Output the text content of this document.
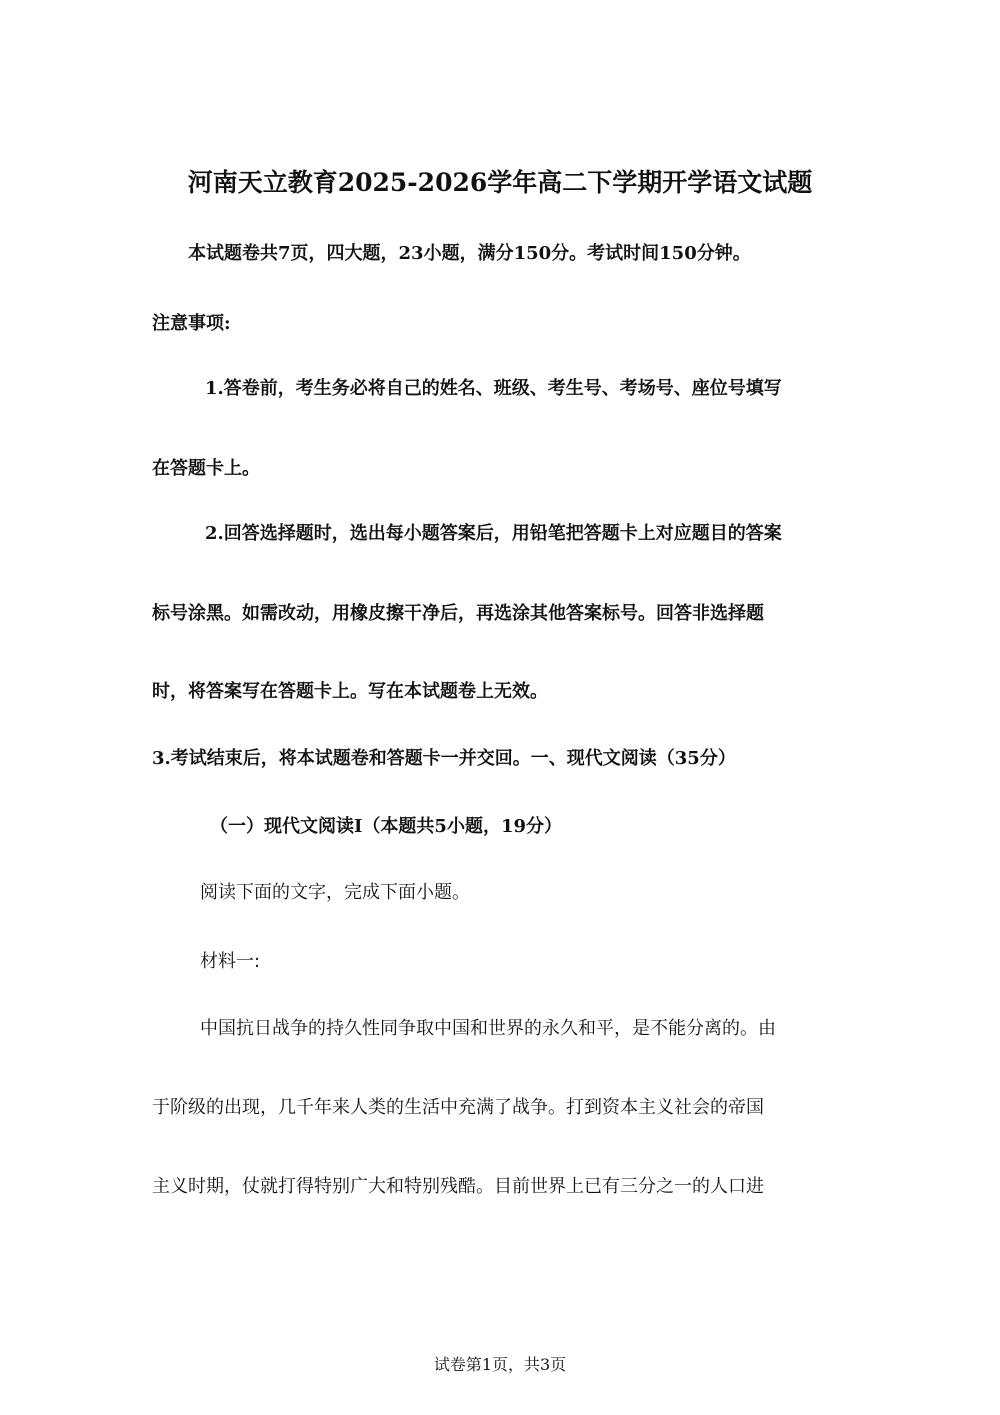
河南天立教育2025-2026学年高二下学期开学语文试题
本试题卷共7页，四大题，23小题，满分150分。考试时间150分钟。
注意事项:
1.答卷前，考生务必将自己的姓名、班级、考生号、考场号、座位号填写
在答题卡上。
2.回答选择题时，选出每小题答案后，用铅笔把答题卡上对应题目的答案
标号涂黑。如需改动，用橡皮擦干净后，再选涂其他答案标号。回答非选择题
时，将答案写在答题卡上。写在本试题卷上无效。
3.考试结束后，将本试题卷和答题卡一并交回。一、现代文阅读（35分）
（一）现代文阅读Ⅰ（本题共5小题，19分）
阅读下面的文字，完成下面小题。
材料一:
中国抗日战争的持久性同争取中国和世界的永久和平，是不能分离的。由
于阶级的出现，几千年来人类的生活中充满了战争。打到资本主义社会的帝国
主义时期，仗就打得特别广大和特别残酷。目前世界上已有三分之一的人口进
试卷第1页，共3页
